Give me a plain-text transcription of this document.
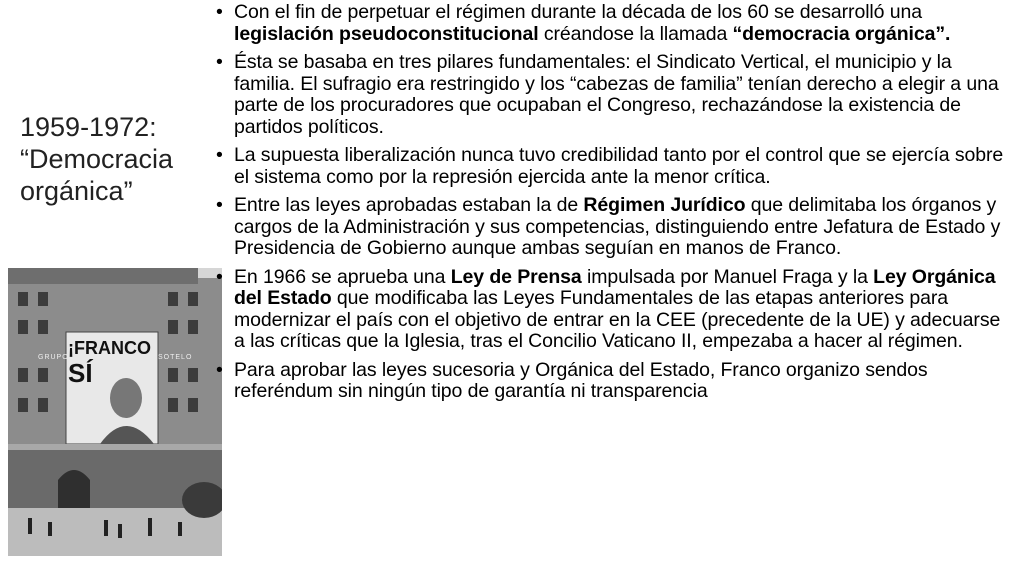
1959-1972:
“Democracia
orgánica”
¡FRANCO
SÍ
GRUPO	SOTELO
• Con el fin de perpetuar el régimen durante la década de los 60 se desarrolló una legislación pseudoconstitucional créandose la llamada “democracia orgánica”.
• Ésta se basaba en tres pilares fundamentales: el Sindicato Vertical, el municipio y la familia. El sufragio era restringido y los “cabezas de familia” tenían derecho a elegir a una parte de los procuradores que ocupaban el Congreso, rechazándose la existencia de partidos políticos.
• La supuesta liberalización nunca tuvo credibilidad tanto por el control que se ejercía sobre el sistema como por la represión ejercida ante la menor crítica.
• Entre las leyes aprobadas estaban la de Régimen Jurídico que delimitaba los órganos y cargos de la Administración y sus competencias, distinguiendo entre Jefatura de Estado y Presidencia de Gobierno aunque ambas seguían en manos de Franco.
• En 1966 se aprueba una Ley de Prensa impulsada por Manuel Fraga y la Ley Orgánica del Estado que modificaba las Leyes Fundamentales de las etapas anteriores para modernizar el país con el objetivo de entrar en la CEE (precedente de la UE) y adecuarse a las críticas que la Iglesia, tras el Concilio Vaticano II, empezaba a hacer al régimen.
• Para aprobar las leyes sucesoria y Orgánica del Estado, Franco organizo sendos referéndum sin ningún tipo de garantía ni transparencia
